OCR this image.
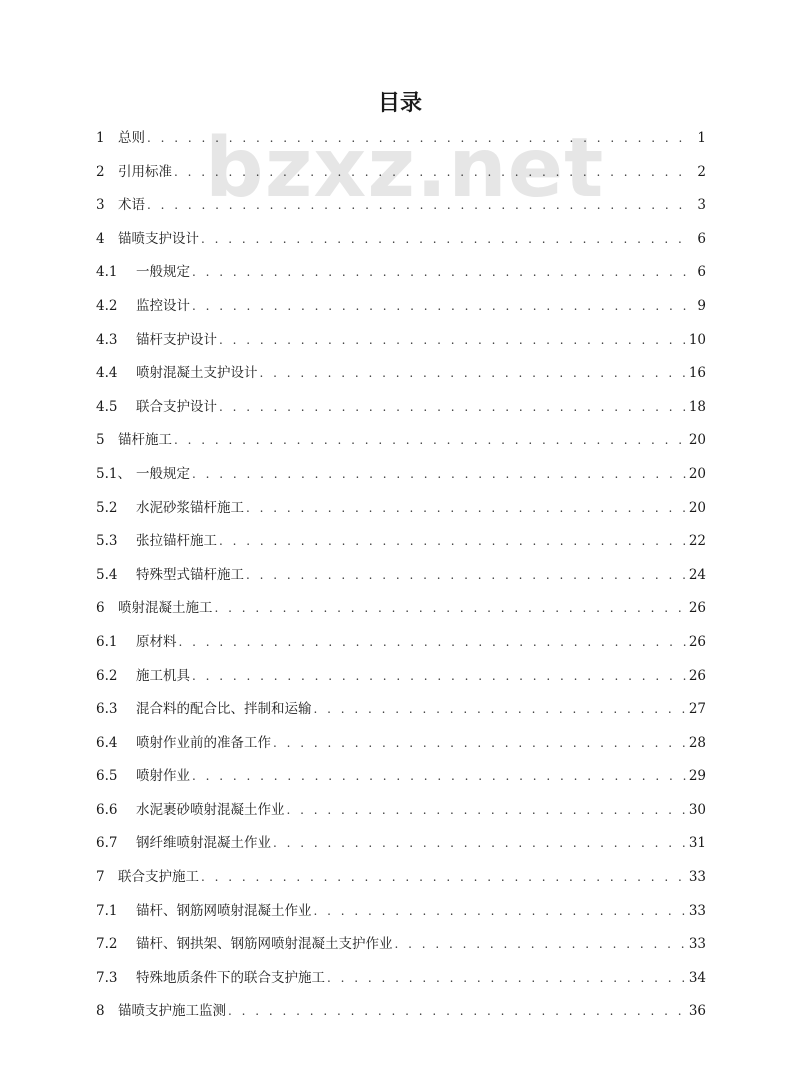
bzxz.net
目录
1 总则 . . .	1
2 引用标准 . . .	2
3 术语 . . .	3
4 锚喷支护设计 . . .	6
4.1	一般规定 . . .	6
4.2	监控设计 . . .	9
4.3	锚杆支护设计 . . .	10
4.4	喷射混凝土支护设计 . . .	16
4.5	联合支护设计 . . .	18
5 锚杆施工 . . .	20
5.1、 一般规定 . . .	20
5.2	水泥砂浆锚杆施工 . . .	20
5.3	张拉锚杆施工 . . .	22
5.4	特殊型式锚杆施工 . . .	24
6 喷射混凝土施工 . . .	26
6.1	原材料 . . .	26
6.2	施工机具 . . .	26
6.3	混合料的配合比、拌制和运输 . . .	27
6.4	喷射作业前的准备工作 . . .	28
6.5	喷射作业 . . .	29
6.6	水泥裹砂喷射混凝土作业 . . .	30
6.7	钢纤维喷射混凝土作业 . . .	31
7 联合支护施工 . . .	33
7.1	锚杆、钢筋网喷射混凝土作业 . . .	33
7.2	锚杆、钢拱架、钢筋网喷射混凝土支护作业 . . .	33
7.3	特殊地质条件下的联合支护施工 . . .	34
8 锚喷支护施工监测 . . .	36
